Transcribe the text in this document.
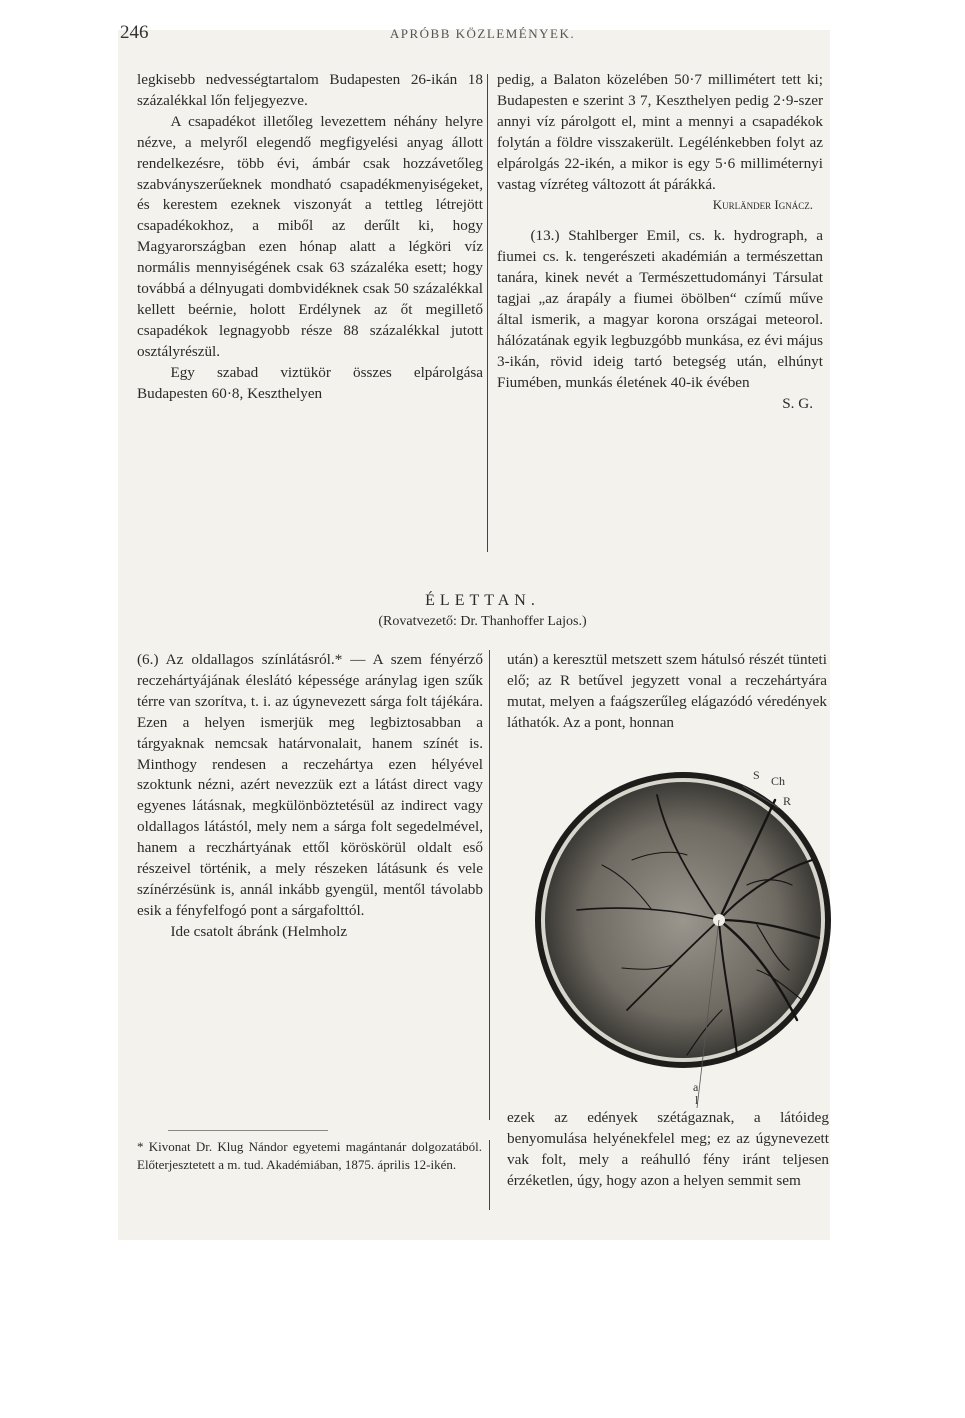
246	APRÓBB KÖZLEMÉNYEK.

legkisebb nedvességtartalom Budapesten 26-ikán 18 százalékkal lőn feljegyezve.

A csapadékot illetőleg levezettem néhány helyre nézve, a melyről elegendő megfigyelési anyag állott rendelkezésre, több évi, ámbár csak hozzávetőleg szabványszerűeknek mondható csapadékmenyiségeket, és kerestem ezeknek viszonyát a tettleg létrejött csapadékokhoz, a miből az derűlt ki, hogy Magyarországban ezen hónap alatt a légköri víz normális mennyiségének csak 63 százaléka esett; hogy továbbá a délnyugati dombvidéknek csak 50 százalékkal kellett beérnie, holott Erdélynek az őt megillető csapadékok legnagyobb része 88 százalékkal jutott osztályrészül.

Egy szabad viztükör összes elpárolgása Budapesten 60·8, Keszthelyen

pedig, a Balaton közelében 50·7 millimétert tett ki; Budapesten e szerint 3 7, Keszthelyen pedig 2·9-szer annyi víz párolgott el, mint a mennyi a csapadékok folytán a földre visszakerült. Legélénkebben folyt az elpárolgás 22-ikén, a mikor is egy 5·6 milliméternyi vastag vízréteg változott át párákká.

Kurländer Ignácz.

(13.) Stahlberger Emil, cs. k. hydrograph, a fiumei cs. k. tengerészeti akadémián a természettan tanára, kinek nevét a Természettudományi Társulat tagjai „az árapály a fiumei öbölben“ czímű műve által ismerik, a magyar korona országai meteorol. hálózatának egyik legbuzgóbb munkása, ez évi május 3-ikán, rövid ideig tartó betegség után, elhúnyt Fiumében, munkás életének 40-ik évében

S. G.

ÉLETTAN.
(Rovatvezető: Dr. Thanhoffer Lajos.)

(6.) Az oldallagos színlátásról.* — A szem fényérző reczehártyájának éleslátó képessége aránylag igen szűk térre van szorítva, t. i. az úgynevezett sárga folt tájékára. Ezen a helyen ismerjük meg legbiztosabban a tárgyaknak nemcsak határvonalait, hanem színét is. Minthogy rendesen a reczehártya ezen hélyével szoktunk nézni, azért nevezzük ezt a látást direct vagy egyenes látásnak, megkülönböztetésül az indirect vagy oldallagos látástól, mely nem a sárga folt segedelmével, hanem a reczhártyának ettől köröskörül oldalt eső részeivel történik, a mely részeken látásunk és vele színérzésünk is, annál inkább gyengül, mentől távolabb esik a fényfelfogó pont a sárgafolttól.

Ide csatolt ábránk (Helmholz

után) a keresztül metszett szem hátulsó részét tünteti elő; az R betűvel jegyzett vonal a reczehártyára mutat, melyen a faágszerűleg elágazódó véredények láthatók. Az a pont, honnan

S Ch
R
a
l

ezek az edények szétágaznak, a látóideg benyomulása helyénekfelel meg; ez az úgynevezett vak folt, mely a reáhulló fény iránt teljesen érzéketlen, úgy, hogy azon a helyen semmit sem

* Kivonat Dr. Klug Nándor egyetemi magántanár dolgozatából. Előterjesztetett a m. tud. Akadémiában, 1875. április 12-ikén.
